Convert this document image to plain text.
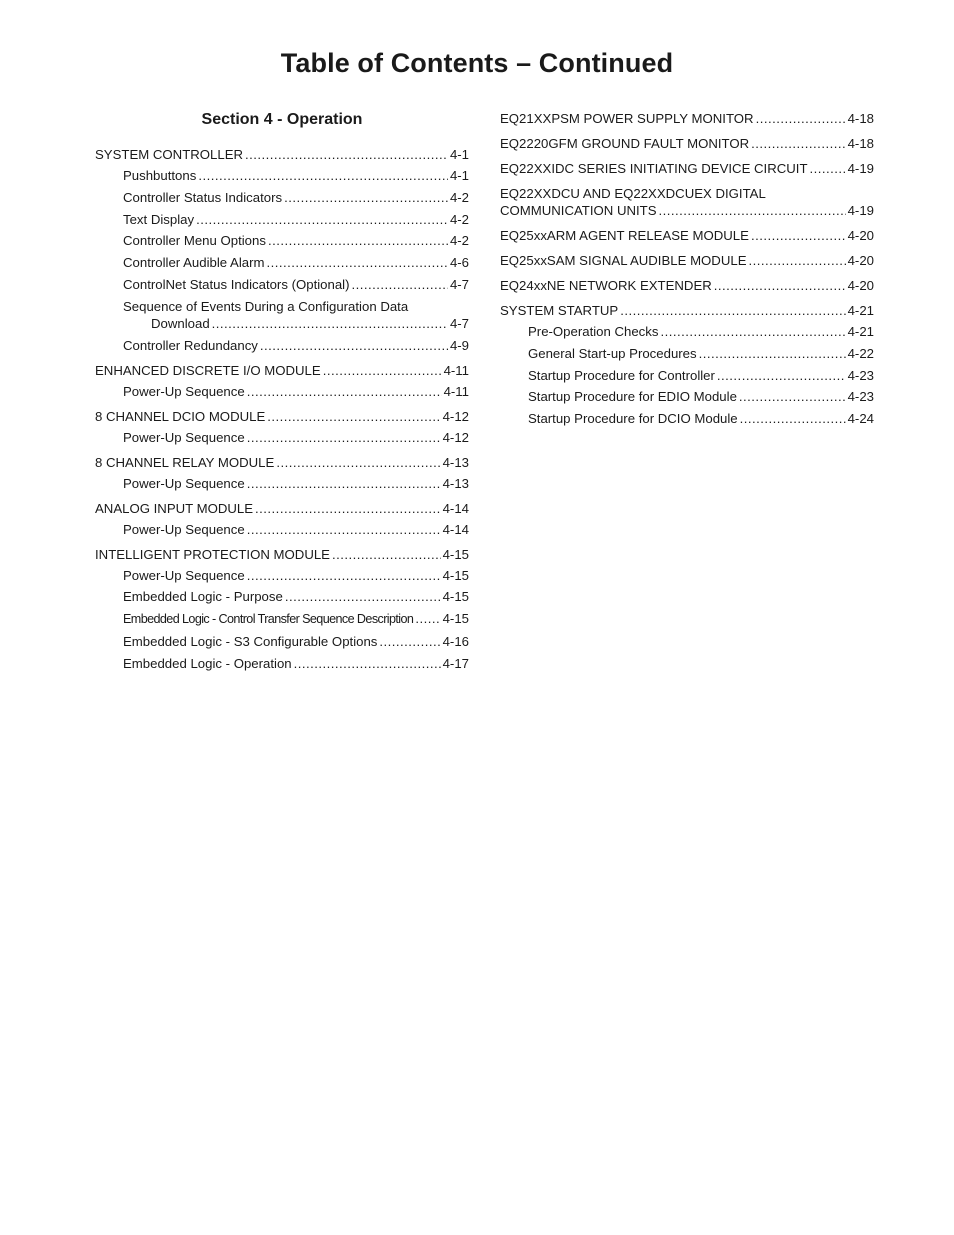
Table of Contents – Continued
Section 4 - Operation
SYSTEM CONTROLLER . . .	4-1
Pushbuttons . . .	4-1
Controller Status Indicators . . .	4-2
Text Display . . .	4-2
Controller Menu Options . . .	4-2
Controller Audible Alarm . . .	4-6
ControlNet Status Indicators (Optional) . . .	4-7
Sequence of Events During a Configuration Data
Download . . .	4-7
Controller Redundancy . . .	4-9
ENHANCED DISCRETE I/O MODULE . . .	4-11
Power-Up Sequence . . .	4-11
8 CHANNEL DCIO MODULE . . .	4-12
Power-Up Sequence . . .	4-12
8 CHANNEL RELAY MODULE . . .	4-13
Power-Up Sequence . . .	4-13
ANALOG INPUT MODULE . . .	4-14
Power-Up Sequence . . .	4-14
INTELLIGENT PROTECTION MODULE . . .	4-15
Power-Up Sequence . . .	4-15
Embedded Logic - Purpose . . .	4-15
Embedded Logic - Control Transfer Sequence Description . . . 4-15
Embedded Logic - S3 Configurable Options . . .	4-16
Embedded Logic - Operation . . .	4-17
EQ21XXPSM POWER SUPPLY MONITOR . . .	4-18
EQ2220GFM GROUND FAULT MONITOR . . .	4-18
EQ22XXIDC SERIES INITIATING DEVICE CIRCUIT . . .	4-19
EQ22XXDCU AND EQ22XXDCUEX DIGITAL
COMMUNICATION UNITS . . .	4-19
EQ25xxARM AGENT RELEASE MODULE . . .	4-20
EQ25xxSAM SIGNAL AUDIBLE MODULE . . .	4-20
EQ24xxNE NETWORK EXTENDER . . .	4-20
SYSTEM STARTUP . . .	4-21
Pre-Operation Checks . . .	4-21
General Start-up Procedures . . .	4-22
Startup Procedure for Controller . . .	4-23
Startup Procedure for EDIO Module . . .	4-23
Startup Procedure for DCIO Module . . .	4-24
